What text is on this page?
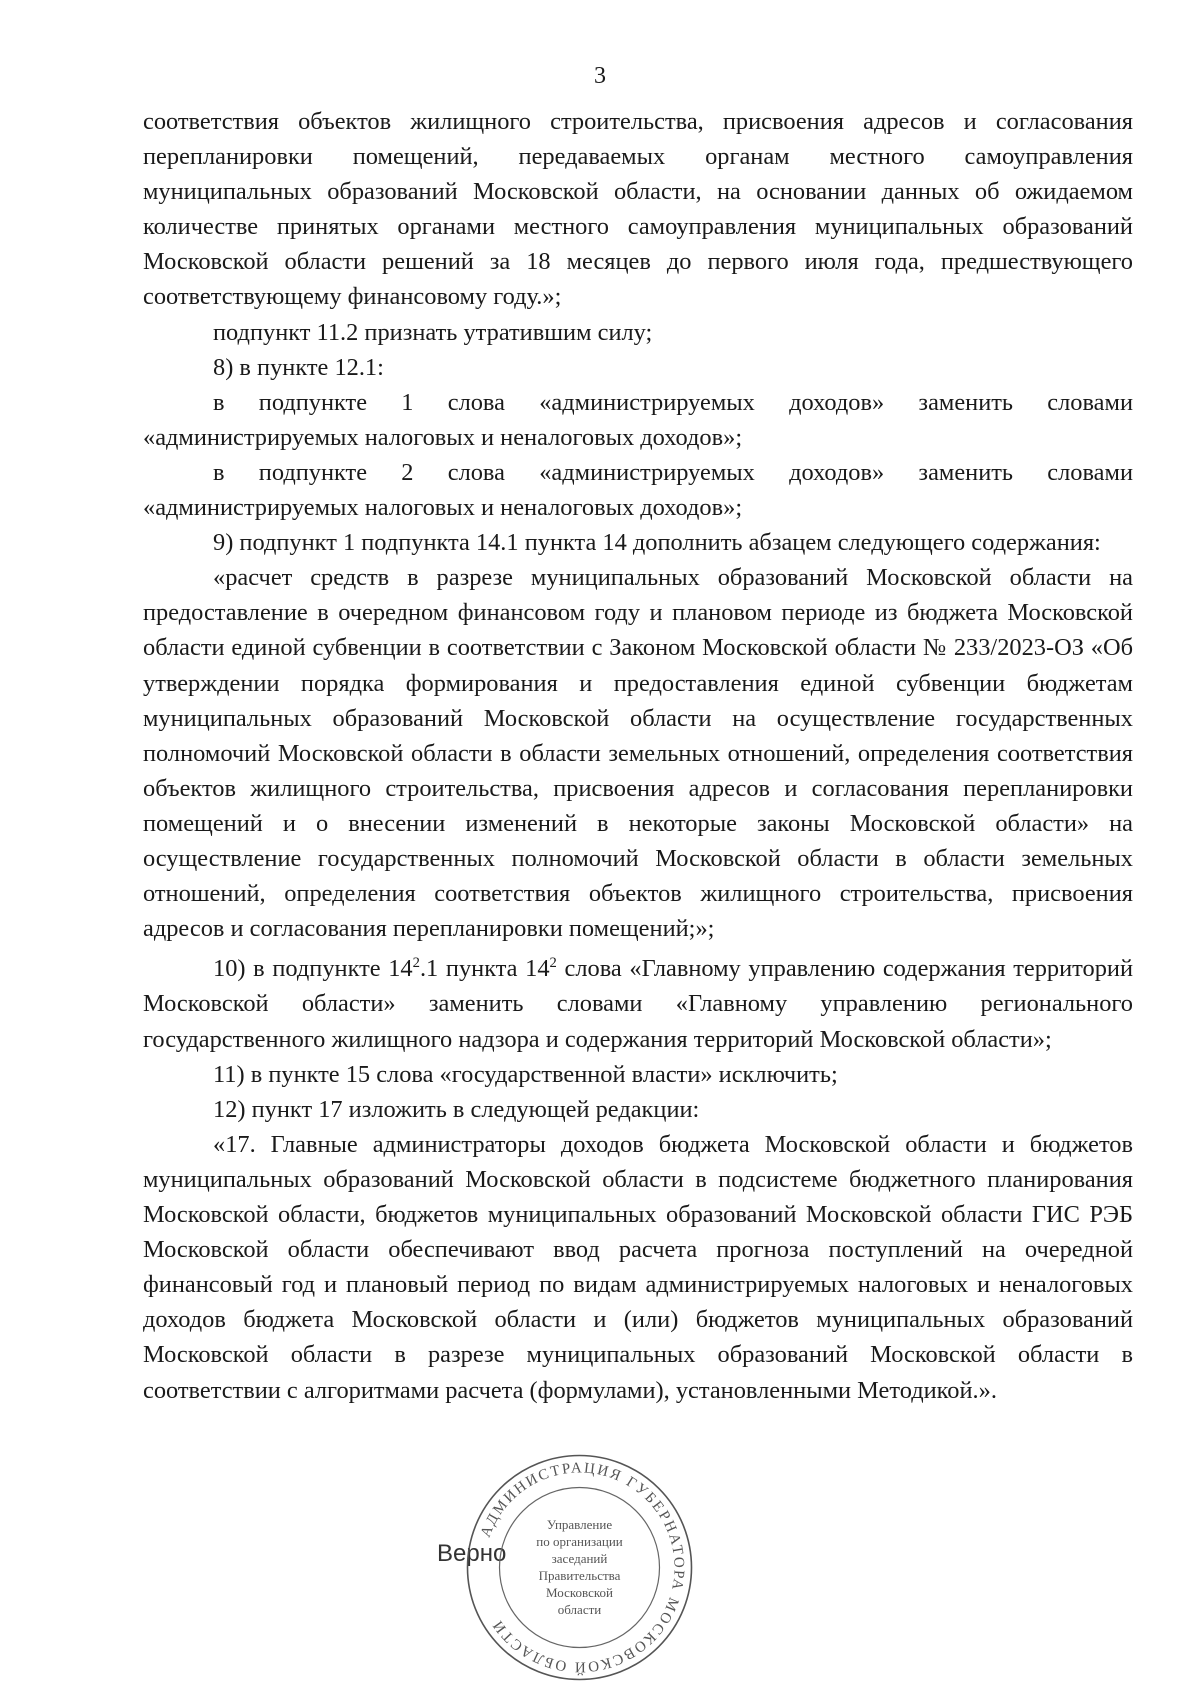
3

соответствия объектов жилищного строительства, присвоения адресов и согласования перепланировки помещений, передаваемых органам местного самоуправления муниципальных образований Московской области, на основании данных об ожидаемом количестве принятых органами местного самоуправления муниципальных образований Московской области решений за 18 месяцев до первого июля года, предшествующего соответствующему финансовому году.»;

подпункт 11.2 признать утратившим силу;

8) в пункте 12.1:

в подпункте 1 слова «администрируемых доходов» заменить словами «администрируемых налоговых и неналоговых доходов»;

в подпункте 2 слова «администрируемых доходов» заменить словами «администрируемых налоговых и неналоговых доходов»;

9) подпункт 1 подпункта 14.1 пункта 14 дополнить абзацем следующего содержания:

«расчет средств в разрезе муниципальных образований Московской области на предоставление в очередном финансовом году и плановом периоде из бюджета Московской области единой субвенции в соответствии с Законом Московской области № 233/2023-ОЗ «Об утверждении порядка формирования и предоставления единой субвенции бюджетам муниципальных образований Московской области на осуществление государственных полномочий Московской области в области земельных отношений, определения соответствия объектов жилищного строительства, присвоения адресов и согласования перепланировки помещений и о внесении изменений в некоторые законы Московской области» на осуществление государственных полномочий Московской области в области земельных отношений, определения соответствия объектов жилищного строительства, присвоения адресов и согласования перепланировки помещений;»;

10) в подпункте $14^2.1$ пункта $14^2$ слова «Главному управлению содержания территорий Московской области» заменить словами «Главному управлению регионального государственного жилищного надзора и содержания территорий Московской области»;

11) в пункте 15 слова «государственной власти» исключить;

12) пункт 17 изложить в следующей редакции:

«17. Главные администраторы доходов бюджета Московской области и бюджетов муниципальных образований Московской области в подсистеме бюджетного планирования Московской области, бюджетов муниципальных образований Московской области ГИС РЭБ Московской области обеспечивают ввод расчета прогноза поступлений на очередной финансовый год и плановый период по видам администрируемых налоговых и неналоговых доходов бюджета Московской области и (или) бюджетов муниципальных образований Московской области в разрезе муниципальных образований Московской области в соответствии с алгоритмами расчета (формулами), установленными Методикой.».

Верно
АДМИНИСТРАЦИЯ ГУБЕРНАТОРА МОСКОВСКОЙ ОБЛАСТИ
Управление
по организации
заседаний
Правительства
Московской
области
